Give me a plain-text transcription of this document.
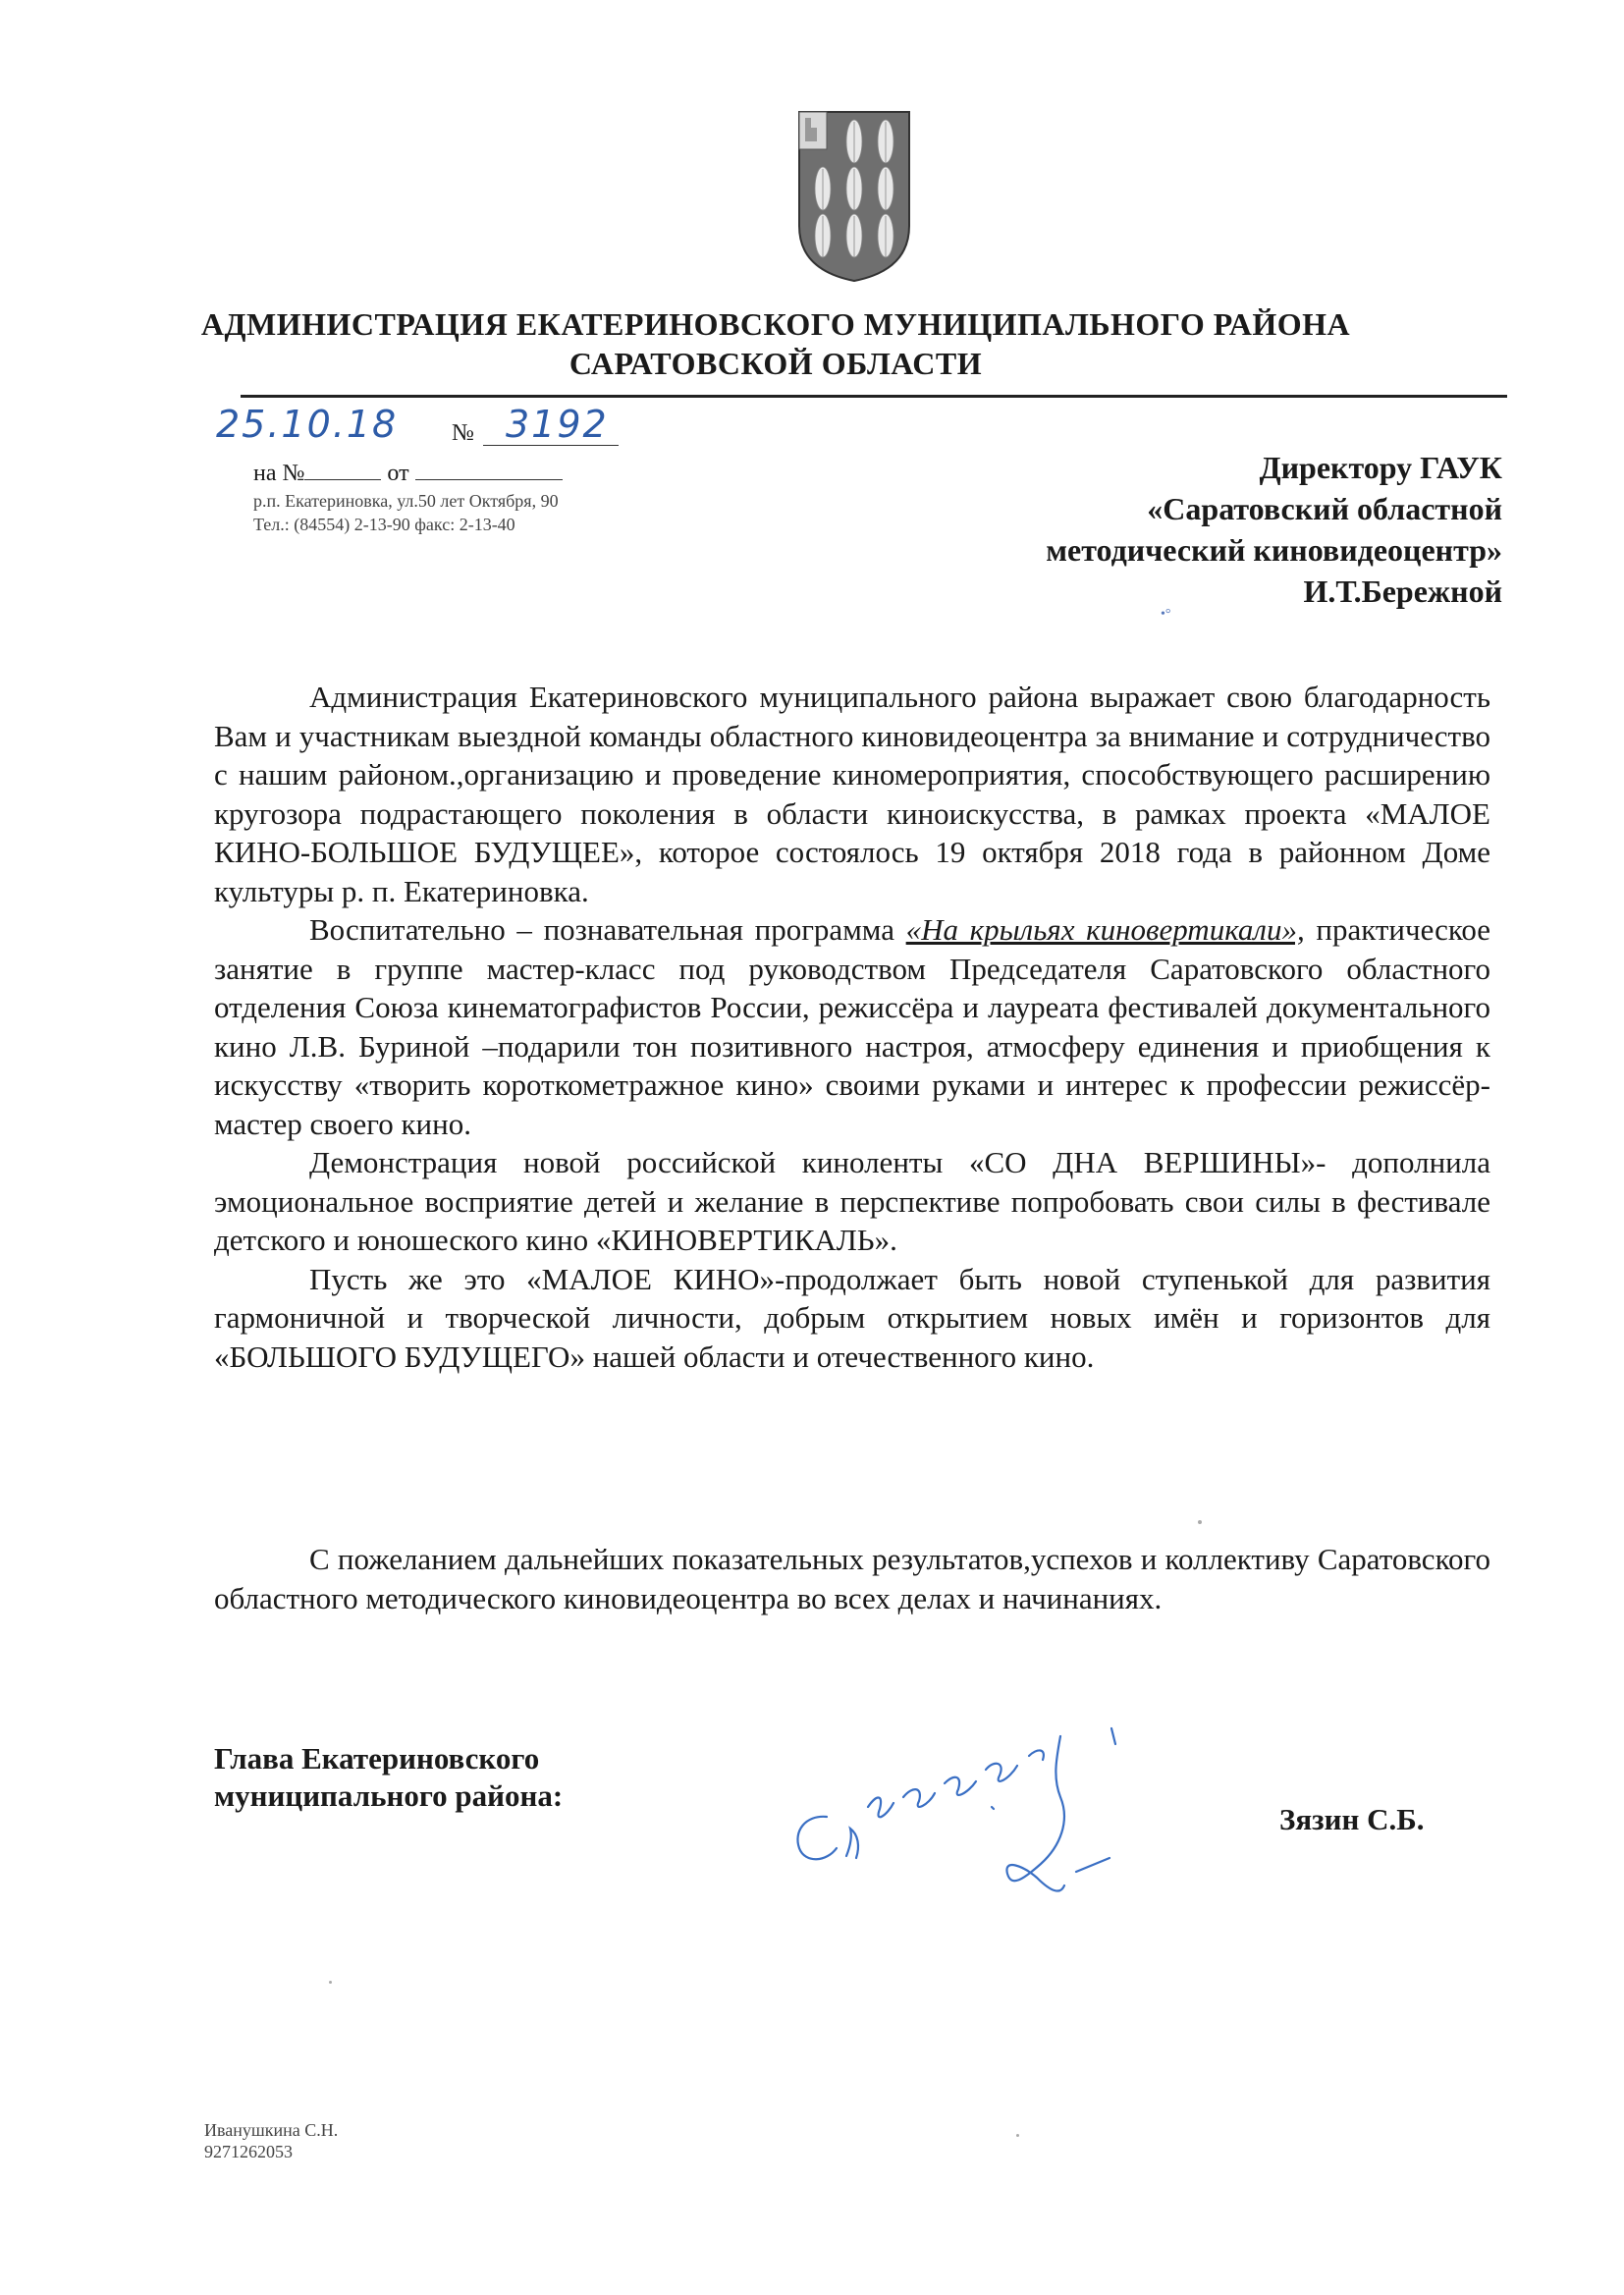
АДМИНИСТРАЦИЯ ЕКАТЕРИНОВСКОГО МУНИЦИПАЛЬНОГО РАЙОНА
САРАТОВСКОЙ ОБЛАСТИ
25.10.18 № 3192
на №	от
р.п. Екатериновка, ул.50 лет Октября, 90
Тел.: (84554) 2-13-90 факс: 2-13-40
Директору ГАУК
«Саратовский областной
методический киновидеоцентр»
И.Т.Бережной
•°

Администрация Екатериновского муниципального района выражает свою благодарность Вам и участникам выездной команды областного киновидеоцентра за внимание и сотрудничество с нашим районом.,организацию и проведение киномероприятия, способствующего расширению кругозора подрастающего поколения в области киноискусства, в рамках проекта «МАЛОЕ КИНО-БОЛЬШОЕ БУДУЩЕЕ», которое состоялось 19 октября 2018 года в районном Доме культуры р. п. Екатериновка.

Воспитательно – познавательная программа «На крыльях киновертикали», практическое занятие в группе мастер-класс под руководством Председателя Саратовского областного отделения Союза кинематографистов России, режиссёра и лауреата фестивалей документального кино Л.В. Буриной –подарили тон позитивного настроя, атмосферу единения и приобщения к искусству «творить короткометражное кино» своими руками и интерес к профессии режиссёр- мастер своего кино.

Демонстрация новой российской киноленты «СО ДНА ВЕРШИНЫ»- дополнила эмоциональное восприятие детей и желание в перспективе попробовать свои силы в фестивале детского и юношеского кино «КИНОВЕРТИКАЛЬ».

Пусть же это «МАЛОЕ КИНО»-продолжает быть новой ступенькой для развития гармоничной и творческой личности, добрым открытием новых имён и горизонтов для «БОЛЬШОГО БУДУЩЕГО» нашей области и отечественного кино.

С пожеланием дальнейших показательных результатов,успехов и коллективу Саратовского областного методического киновидеоцентра во всех делах и начинаниях.

Глава Екатериновского
муниципального района:
Зязин С.Б.
Иванушкина С.Н.
9271262053
